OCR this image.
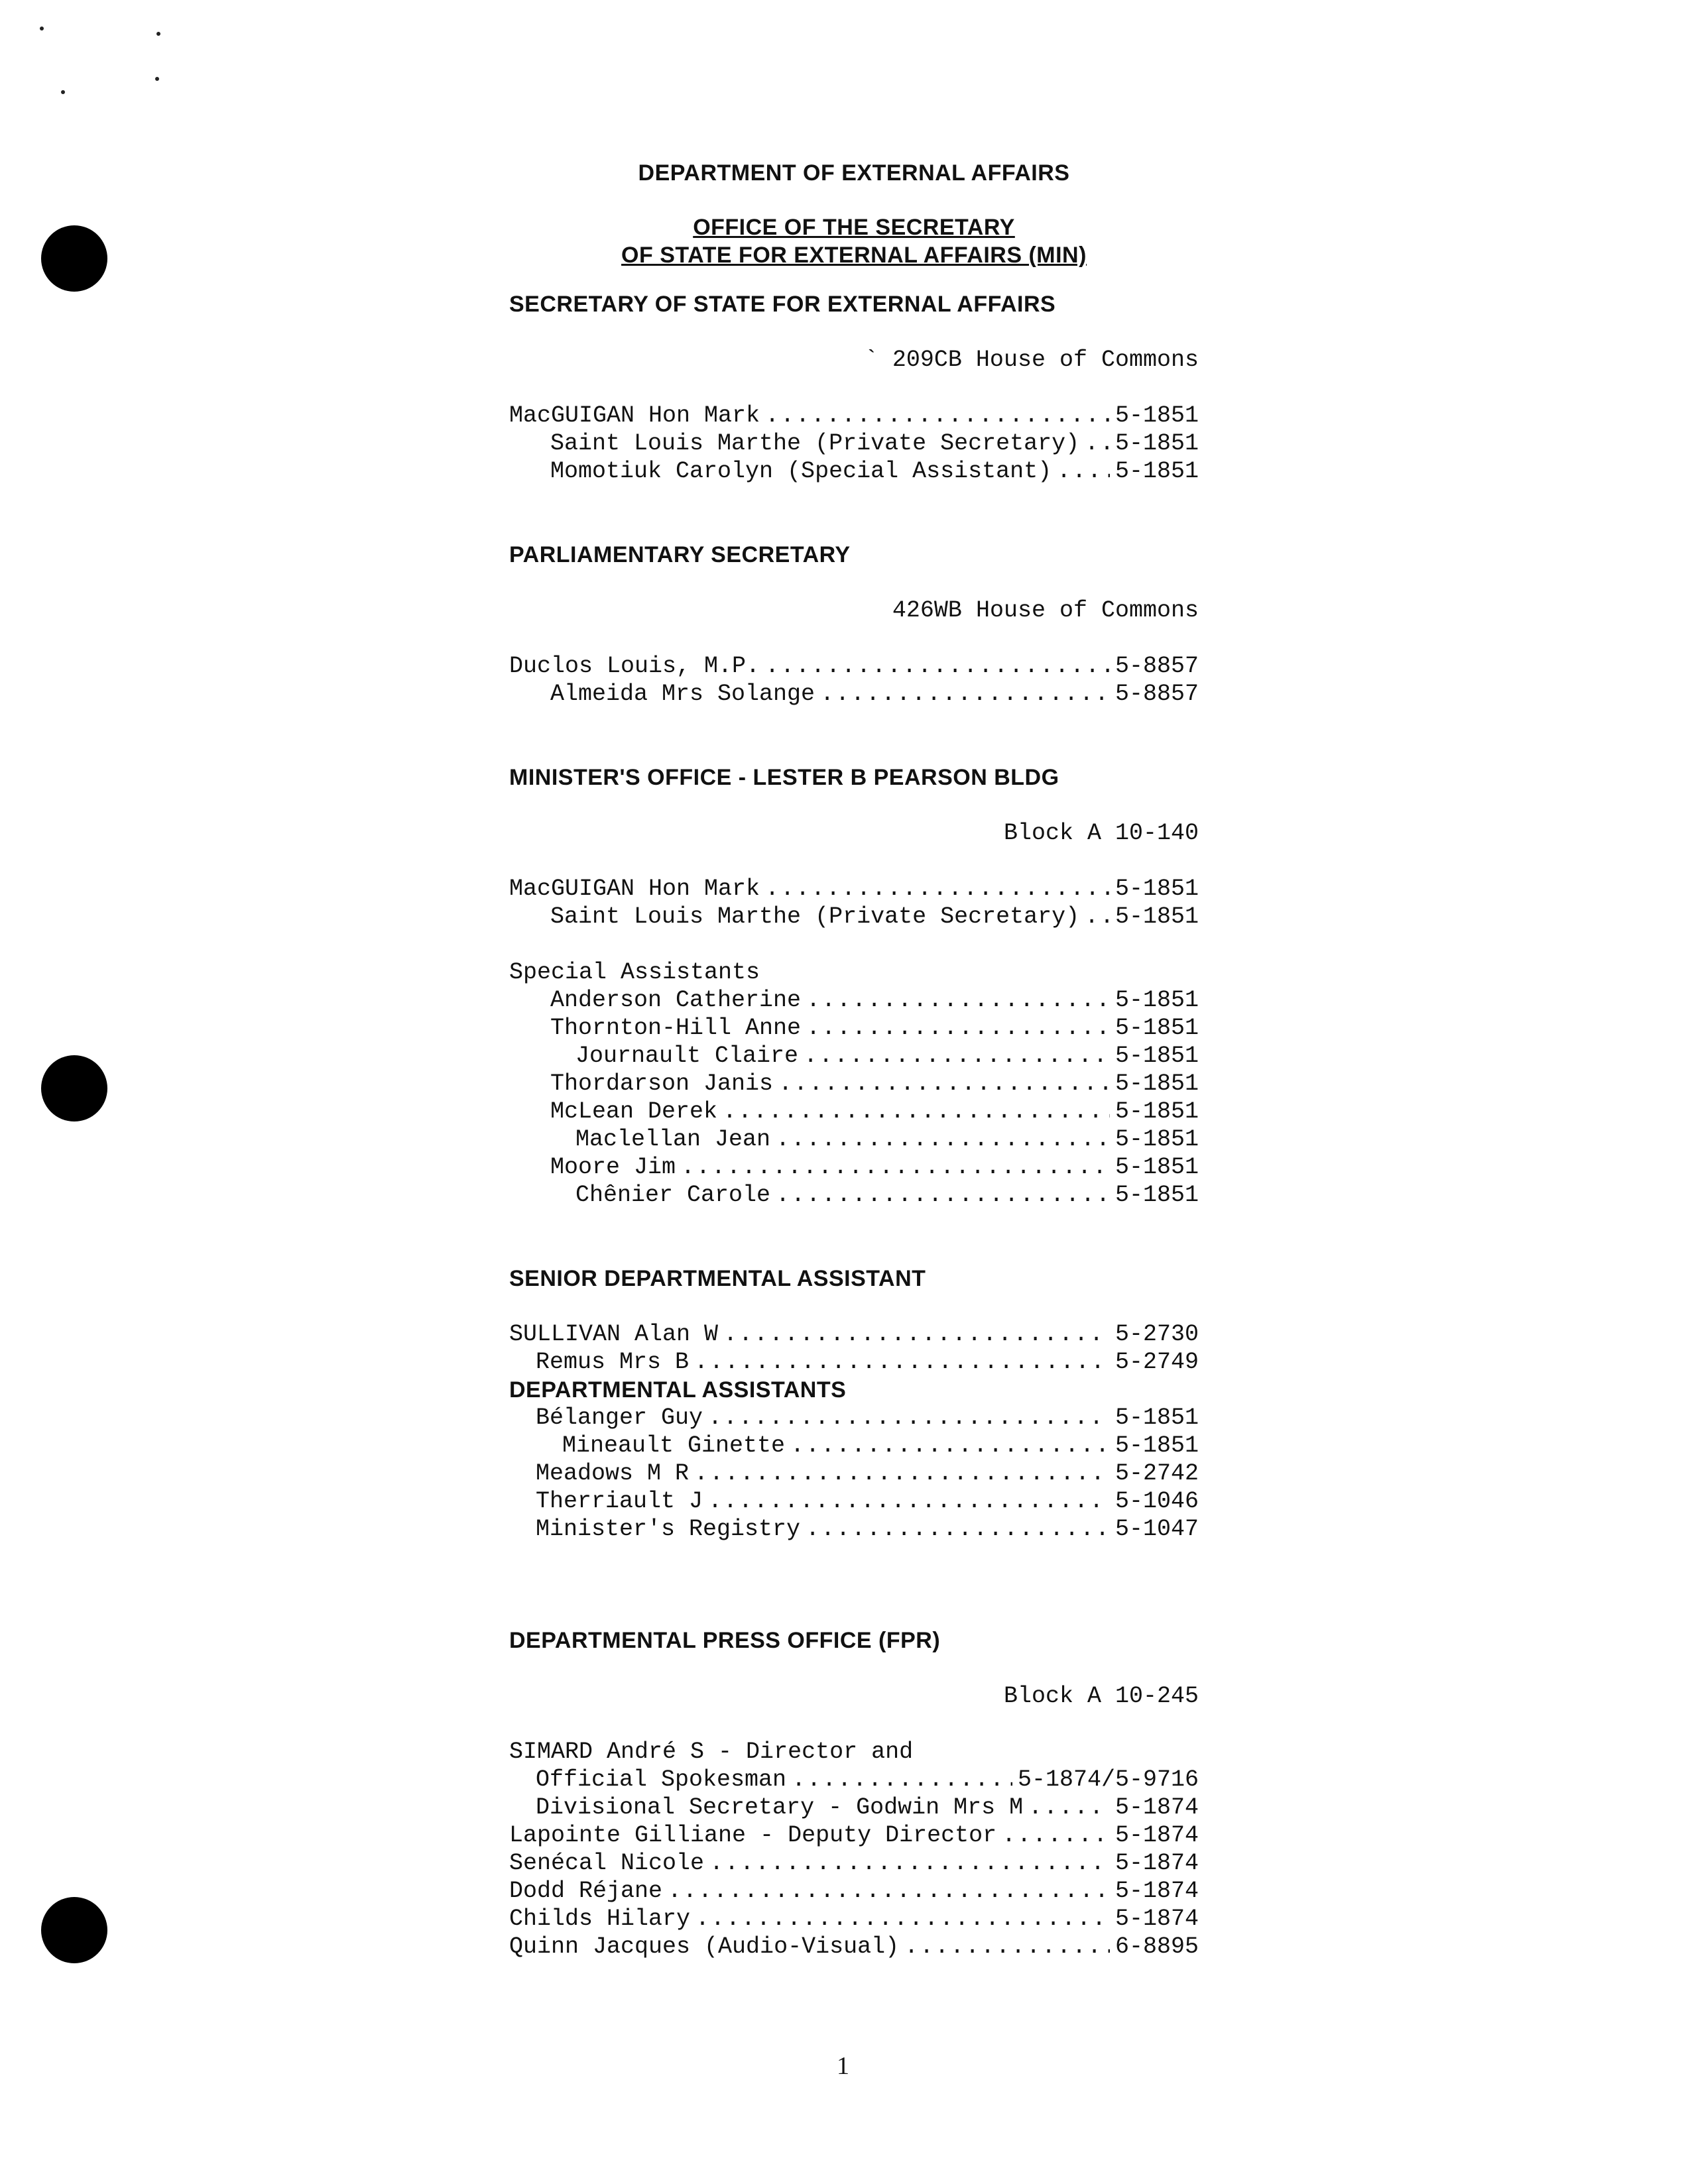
DEPARTMENT OF EXTERNAL AFFAIRS
OFFICE OF THE SECRETARY
OF STATE FOR EXTERNAL AFFAIRS (MIN)
SECRETARY OF STATE FOR EXTERNAL AFFAIRS
` 209CB House of Commons
MacGUIGAN Hon Mark .....	5-1851
Saint Louis Marthe (Private Secretary) ..... 5-1851
Momotiuk Carolyn (Special Assistant) .....	5-1851
PARLIAMENTARY SECRETARY
426WB House of Commons
Duclos Louis, M.P. .....	5-8857
Almeida Mrs Solange .....	5-8857
MINISTER'S OFFICE - LESTER B PEARSON BLDG
Block A 10-140
MacGUIGAN Hon Mark .....	5-1851
Saint Louis Marthe (Private Secretary) ..... 5-1851
Special Assistants
Anderson Catherine .....	5-1851
Thornton-Hill Anne .....	5-1851
Journault Claire .....	5-1851
Thordarson Janis .....	5-1851
McLean Derek .....	5-1851
Maclellan Jean .....	5-1851
Moore Jim .....	5-1851
Chênier Carole .....	5-1851
SENIOR DEPARTMENTAL ASSISTANT
SULLIVAN Alan W .....	5-2730
Remus Mrs B .....	5-2749
DEPARTMENTAL ASSISTANTS
Bélanger Guy .....	5-1851
Mineault Ginette .....	5-1851
Meadows M R .....	5-2742
Therriault J .....	5-1046
Minister's Registry .....	5-1047
DEPARTMENTAL PRESS OFFICE (FPR)
Block A 10-245
SIMARD André S - Director and
Official Spokesman .....	5-1874/5-9716
Divisional Secretary - Godwin Mrs M .....	5-1874
Lapointe Gilliane - Deputy Director .....	5-1874
Senécal Nicole .....	5-1874
Dodd Réjane .....	5-1874
Childs Hilary .....	5-1874
Quinn Jacques (Audio-Visual) .....	6-8895
1
